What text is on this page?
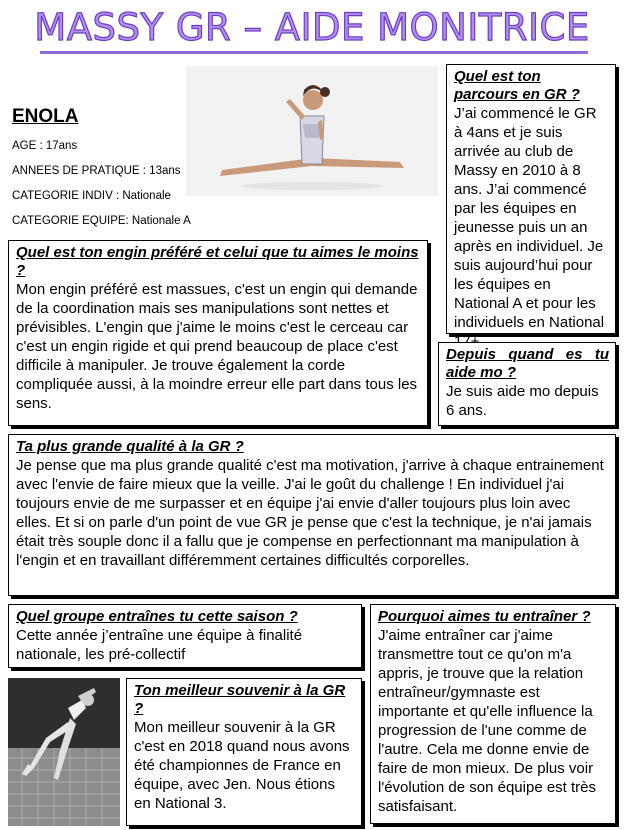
MASSY GR – AIDE MONITRICE

ENOLA

AGE : 17ans

ANNEES DE PRATIQUE : 13ans

CATEGORIE INDIV : Nationale

CATEGORIE EQUIPE: Nationale A

Quel est ton parcours en GR ?

J’ai commencé le GR à 4ans et je suis arrivée au club de Massy en 2010 à 8 ans. J’ai commencé par les équipes en jeunesse puis un an après en individuel. Je suis aujourd’hui pour les équipes en National A et pour les individuels en National

Quel est ton engin préféré et celui que tu aimes le moins ?

Mon engin préféré est massues, c'est un engin qui demande de la coordination mais ses manipulations sont nettes et prévisibles. L'engin que j'aime le moins c'est le cerceau car c'est un engin rigide et qui prend beaucoup de place c'est difficile à manipuler. Je trouve également la corde compliquée aussi, à la moindre erreur elle part dans tous les sens.

Depuis quand es tu aide mo ?

Je suis aide mo depuis 6 ans.

Ta plus grande qualité à la GR ?

Je pense que ma plus grande qualité c'est ma motivation, j'arrive à chaque entrainement avec l'envie de faire mieux que la veille. J'ai le goût du challenge ! En individuel j'ai toujours envie de me surpasser et en équipe j'ai envie d'aller toujours plus loin avec elles. Et si on parle d'un point de vue GR je pense que c'est la technique, je n'ai jamais était très souple donc il a fallu que je compense en perfectionnant ma manipulation à l'engin et en travaillant différemment certaines difficultés corporelles.

Quel groupe entraînes tu cette saison ?

Cette année j’entraîne une équipe à finalité nationale, les pré-collectif

Pourquoi aimes tu entraîner ?

J'aime entraîner car j'aime transmettre tout ce qu'on m'a appris, je trouve que la relation entraîneur/gymnaste est importante et qu'elle influence la progression de l'une comme de l'autre. Cela me donne envie de faire de mon mieux. De plus voir l'évolution de son équipe est très satisfaisant.

Ton meilleur souvenir à la GR ?

Mon meilleur souvenir à la GR c'est en 2018 quand nous avons été championnes de France en équipe, avec Jen. Nous étions en National 3.
